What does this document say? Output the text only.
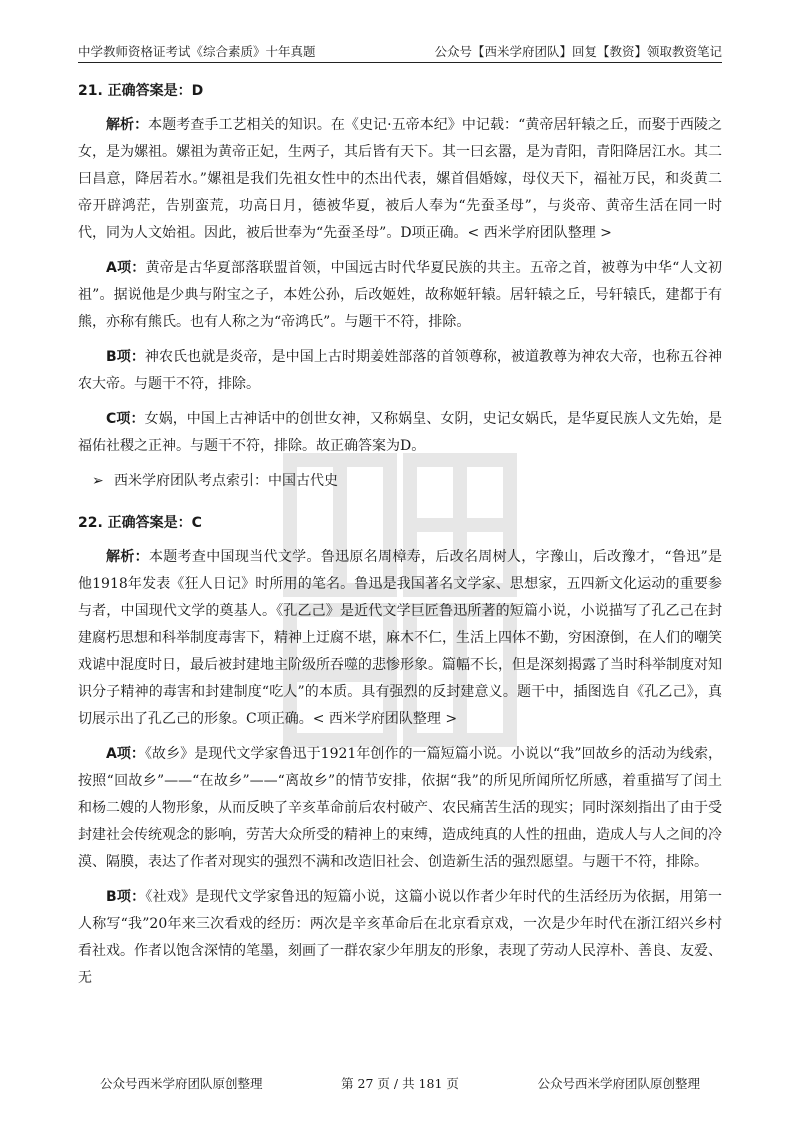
中学教师资格证考试《综合素质》十年真题	公众号【西米学府团队】回复【教资】领取教资笔记
21. 正确答案是：D

解析：本题考查手工艺相关的知识。在《史记·五帝本纪》中记载：“黄帝居轩辕之丘，而娶于西陵之女，是为嫘祖。嫘祖为黄帝正妃，生两子，其后皆有天下。其一曰玄嚣，是为青阳，青阳降居江水。其二曰昌意，降居若水。”嫘祖是我们先祖女性中的杰出代表，嫘首倡婚嫁，母仪天下，福祉万民，和炎黄二帝开辟鸿茫，告别蛮荒，功高日月，德被华夏，被后人奉为“先蚕圣母”，与炎帝、黄帝生活在同一时代，同为人文始祖。因此，被后世奉为“先蚕圣母”。D项正确。< 西米学府团队整理 >

A项：黄帝是古华夏部落联盟首领，中国远古时代华夏民族的共主。五帝之首，被尊为中华“人文初祖”。据说他是少典与附宝之子，本姓公孙，后改姬姓，故称姬轩辕。居轩辕之丘，号轩辕氏，建都于有熊，亦称有熊氏。也有人称之为“帝鸿氏”。与题干不符，排除。

B项：神农氏也就是炎帝，是中国上古时期姜姓部落的首领尊称，被道教尊为神农大帝，也称五谷神农大帝。与题干不符，排除。

C项：女娲，中国上古神话中的创世女神，又称娲皇、女阴，史记女娲氏，是华夏民族人文先始，是福佑社稷之正神。与题干不符，排除。故正确答案为D。

➢ 西米学府团队考点索引：中国古代史
22. 正确答案是：C

解析：本题考查中国现当代文学。鲁迅原名周樟寿，后改名周树人，字豫山，后改豫才，“鲁迅”是他1918年发表《狂人日记》时所用的笔名。鲁迅是我国著名文学家、思想家，五四新文化运动的重要参与者，中国现代文学的奠基人。《孔乙己》是近代文学巨匠鲁迅所著的短篇小说，小说描写了孔乙己在封建腐朽思想和科举制度毒害下，精神上迂腐不堪，麻木不仁，生活上四体不勤，穷困潦倒，在人们的嘲笑戏谑中混度时日，最后被封建地主阶级所吞噬的悲惨形象。篇幅不长，但是深刻揭露了当时科举制度对知识分子精神的毒害和封建制度“吃人”的本质。具有强烈的反封建意义。题干中，插图选自《孔乙己》，真切展示出了孔乙己的形象。C项正确。< 西米学府团队整理 >

A项：《故乡》是现代文学家鲁迅于1921年创作的一篇短篇小说。小说以“我”回故乡的活动为线索，按照“回故乡”——“在故乡”——“离故乡”的情节安排，依据“我”的所见所闻所忆所感，着重描写了闰土和杨二嫂的人物形象，从而反映了辛亥革命前后农村破产、农民痛苦生活的现实；同时深刻指出了由于受封建社会传统观念的影响，劳苦大众所受的精神上的束缚，造成纯真的人性的扭曲，造成人与人之间的冷漠、隔膜，表达了作者对现实的强烈不满和改造旧社会、创造新生活的强烈愿望。与题干不符，排除。

B项：《社戏》是现代文学家鲁迅的短篇小说，这篇小说以作者少年时代的生活经历为依据，用第一人称写“我”20年来三次看戏的经历：两次是辛亥革命后在北京看京戏，一次是少年时代在浙江绍兴乡村看社戏。作者以饱含深情的笔墨，刻画了一群农家少年朋友的形象，表现了劳动人民淳朴、善良、友爱、无

公众号西米学府团队原创整理	第 27 页 / 共 181 页	公众号西米学府团队原创整理
